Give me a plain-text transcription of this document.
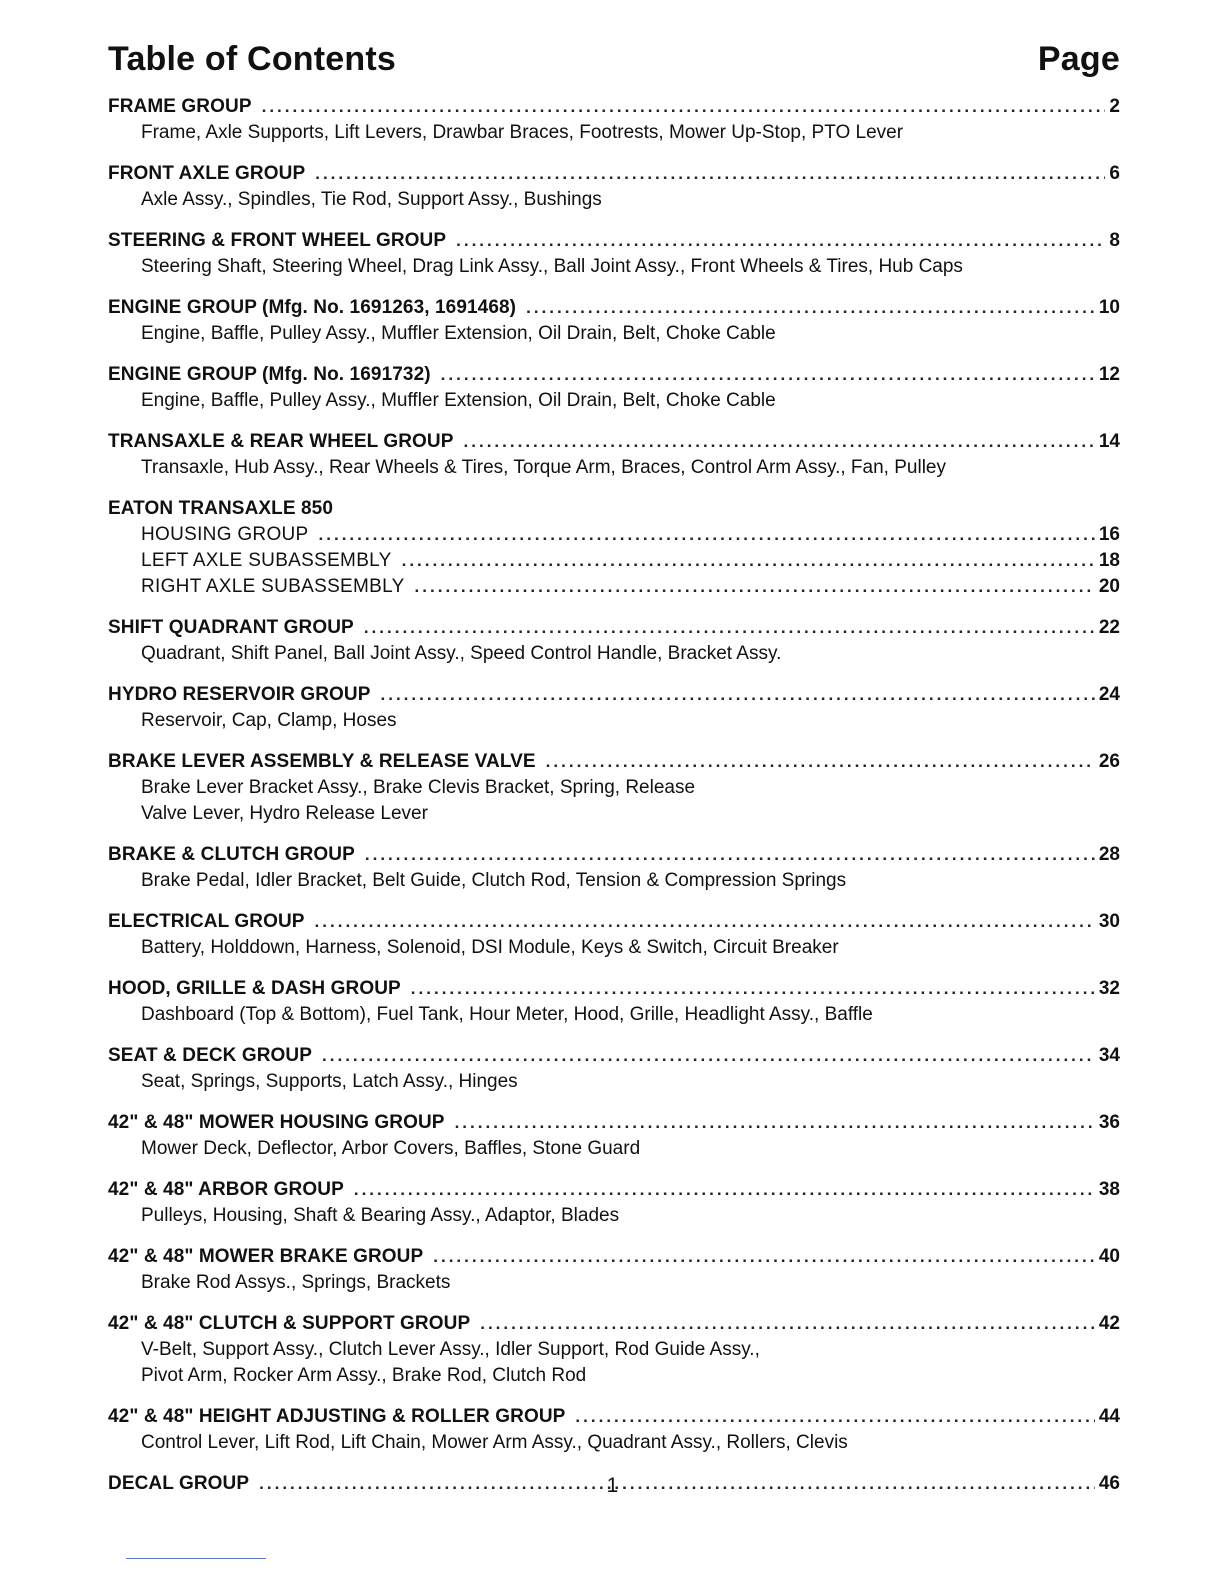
Table of Contents	Page
FRAME GROUP .....	2
Frame, Axle Supports, Lift Levers, Drawbar Braces, Footrests, Mower Up-Stop, PTO Lever
FRONT AXLE GROUP .....	6
Axle Assy., Spindles, Tie Rod, Support Assy., Bushings
STEERING & FRONT WHEEL GROUP .....	8
Steering Shaft, Steering Wheel, Drag Link Assy., Ball Joint Assy., Front Wheels & Tires, Hub Caps
ENGINE GROUP (Mfg. No. 1691263, 1691468) .....	10
Engine, Baffle, Pulley Assy., Muffler Extension, Oil Drain, Belt, Choke Cable
ENGINE GROUP (Mfg. No. 1691732) .....	12
Engine, Baffle, Pulley Assy., Muffler Extension, Oil Drain, Belt, Choke Cable
TRANSAXLE & REAR WHEEL GROUP .....	14
Transaxle, Hub Assy., Rear Wheels & Tires, Torque Arm, Braces, Control Arm Assy., Fan, Pulley
EATON TRANSAXLE 850
HOUSING GROUP .....	16
LEFT AXLE SUBASSEMBLY .....	18
RIGHT AXLE SUBASSEMBLY .....	20
SHIFT QUADRANT GROUP .....	22
Quadrant, Shift Panel, Ball Joint Assy., Speed Control Handle, Bracket Assy.
HYDRO RESERVOIR GROUP .....	24
Reservoir, Cap, Clamp, Hoses
BRAKE LEVER ASSEMBLY & RELEASE VALVE .....	26
Brake Lever Bracket Assy., Brake Clevis Bracket, Spring, Release
Valve Lever, Hydro Release Lever
BRAKE & CLUTCH GROUP .....	28
Brake Pedal, Idler Bracket, Belt Guide, Clutch Rod, Tension & Compression Springs
ELECTRICAL GROUP .....	30
Battery, Holddown, Harness, Solenoid, DSI Module, Keys & Switch, Circuit Breaker
HOOD, GRILLE & DASH GROUP .....	32
Dashboard (Top & Bottom), Fuel Tank, Hour Meter, Hood, Grille, Headlight Assy., Baffle
SEAT & DECK GROUP .....	34
Seat, Springs, Supports, Latch Assy., Hinges
42" & 48" MOWER HOUSING GROUP .....	36
Mower Deck, Deflector, Arbor Covers, Baffles, Stone Guard
42" & 48" ARBOR GROUP .....	38
Pulleys, Housing, Shaft & Bearing Assy., Adaptor, Blades
42" & 48" MOWER BRAKE GROUP .....	40
Brake Rod Assys., Springs, Brackets
42" & 48" CLUTCH & SUPPORT GROUP .....	42
V-Belt, Support Assy., Clutch Lever Assy., Idler Support, Rod Guide Assy.,
Pivot Arm, Rocker Arm Assy., Brake Rod, Clutch Rod
42" & 48" HEIGHT ADJUSTING & ROLLER GROUP .....	44
Control Lever, Lift Rod, Lift Chain, Mower Arm Assy., Quadrant Assy., Rollers, Clevis
DECAL GROUP .....	46
1
